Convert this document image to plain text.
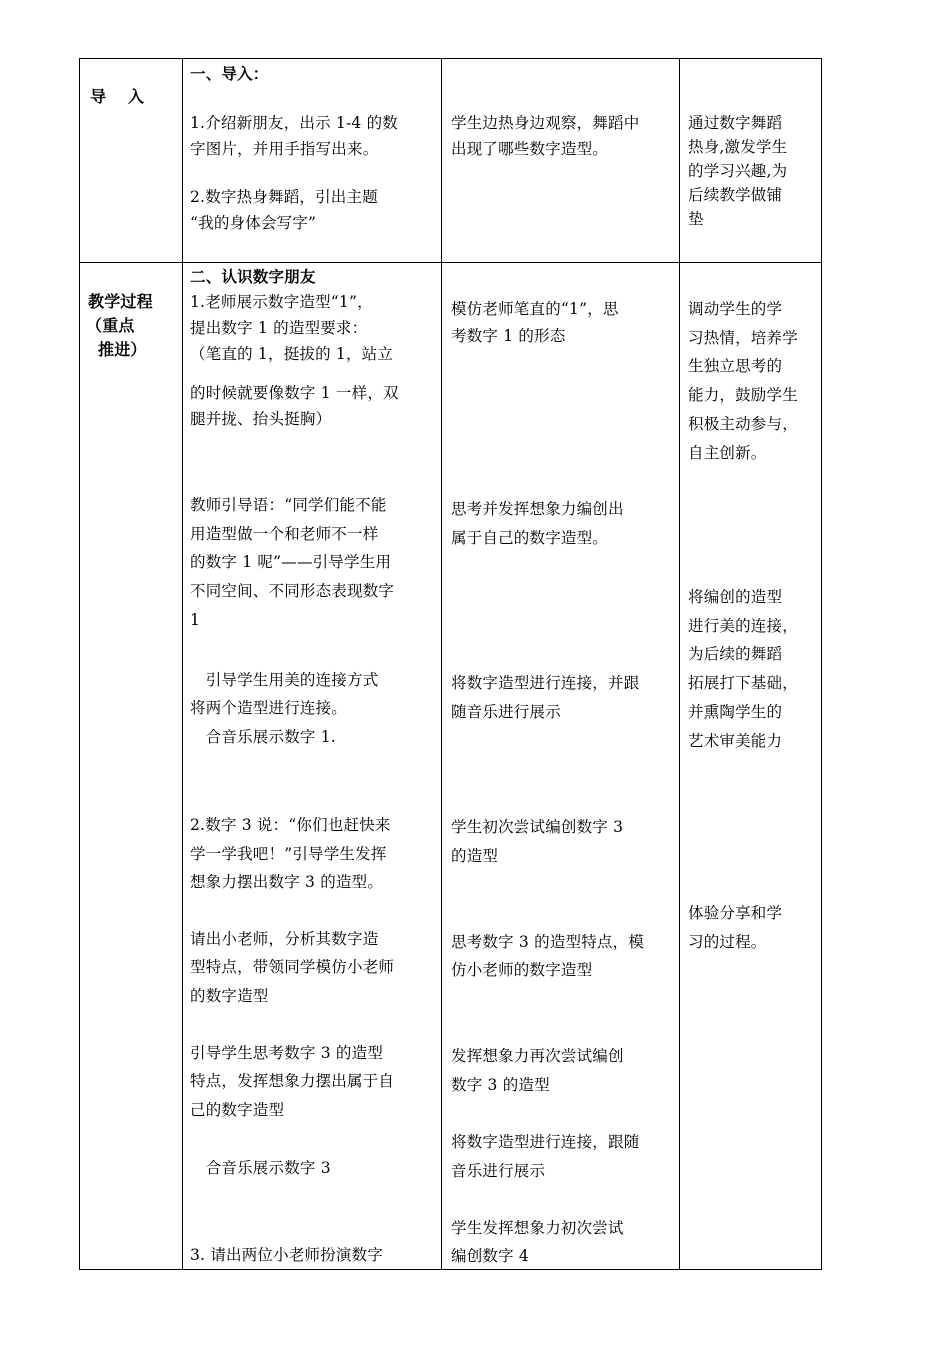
导　入
一、导入：
1.介绍新朋友，出示 1-4 的数
字图片，并用手指写出来。
2.数字热身舞蹈，引出主题
“我的身体会写字”
学生边热身边观察，舞蹈中
出现了哪些数字造型。
通过数字舞蹈
热身,激发学生
的学习兴趣,为
后续教学做铺
垫
教学过程
（重点
推进）
二、认识数字朋友
1.老师展示数字造型“1”，
提出数字 1 的造型要求：
（笔直的 1，挺拔的 1，站立
的时候就要像数字 1 一样，双
腿并拢、抬头挺胸）
教师引导语：“同学们能不能
用造型做一个和老师不一样
的数字 1 呢”——引导学生用
不同空间、不同形态表现数字
1
　引导学生用美的连接方式
将两个造型进行连接。
　合音乐展示数字 1.
2.数字 3 说：“你们也赶快来
学一学我吧！”引导学生发挥
想象力摆出数字 3 的造型。
请出小老师，分析其数字造
型特点，带领同学模仿小老师
的数字造型
引导学生思考数字 3 的造型
特点，发挥想象力摆出属于自
己的数字造型
　合音乐展示数字 3
3. 请出两位小老师扮演数字
模仿老师笔直的“1”，思
考数字 1 的形态
思考并发挥想象力编创出
属于自己的数字造型。
将数字造型进行连接，并跟
随音乐进行展示
学生初次尝试编创数字 3
的造型
思考数字 3 的造型特点，模
仿小老师的数字造型
发挥想象力再次尝试编创
数字 3 的造型
将数字造型进行连接，跟随
音乐进行展示
学生发挥想象力初次尝试
编创数字 4
调动学生的学
习热情，培养学
生独立思考的
能力，鼓励学生
积极主动参与，
自主创新。
将编创的造型
进行美的连接，
为后续的舞蹈
拓展打下基础，
并熏陶学生的
艺术审美能力
体验分享和学
习的过程。
